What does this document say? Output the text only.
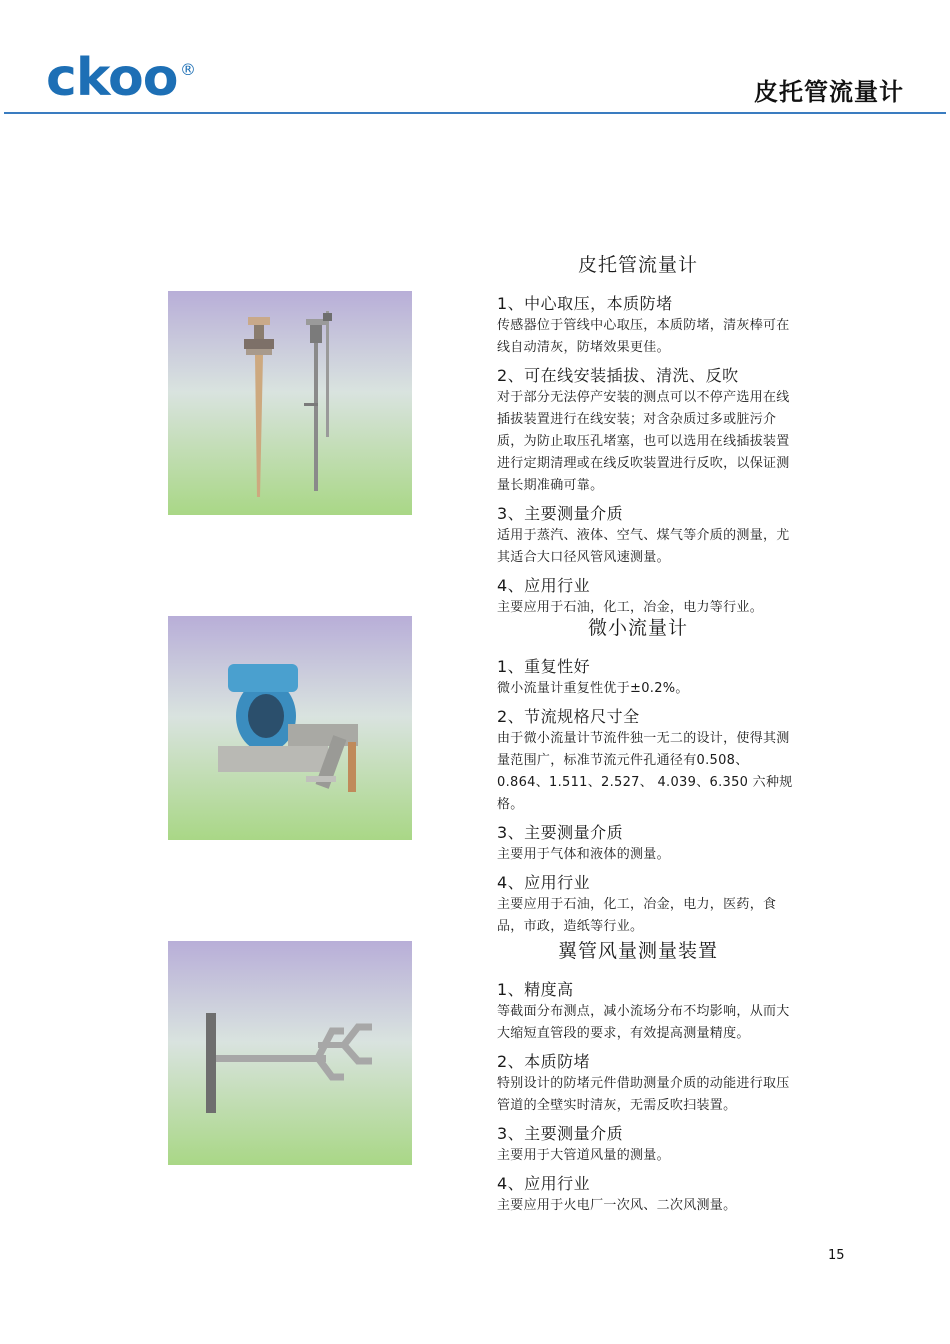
ckoo ®
皮托管流量计
皮托管流量计
1、中心取压，本质防堵
传感器位于管线中心取压，本质防堵，清灰棒可在线自动清灰，防堵效果更佳。
2、可在线安装插拔、清洗、反吹
对于部分无法停产安装的测点可以不停产选用在线插拔装置进行在线安装；对含杂质过多或脏污介质，为防止取压孔堵塞，也可以选用在线插拔装置进行定期清理或在线反吹装置进行反吹，以保证测量长期准确可靠。
3、主要测量介质
适用于蒸汽、液体、空气、煤气等介质的测量，尤其适合大口径风管风速测量。
4、应用行业
主要应用于石油，化工，冶金，电力等行业。
微小流量计
1、重复性好
微小流量计重复性优于±0.2%。
2、节流规格尺寸全
由于微小流量计节流件独一无二的设计，使得其测量范围广，标准节流元件孔通径有0.508、0.864、1.511、2.527、 4.039、6.350 六种规格。
3、主要测量介质
主要用于气体和液体的测量。
4、应用行业
主要应用于石油，化工，冶金，电力，医药，食品，市政，造纸等行业。
翼管风量测量装置
1、精度高
等截面分布测点，减小流场分布不均影响，从而大大缩短直管段的要求，有效提高测量精度。
2、本质防堵
特别设计的防堵元件借助测量介质的动能进行取压管道的全壁实时清灰，无需反吹扫装置。
3、主要测量介质
主要用于大管道风量的测量。
4、应用行业
主要应用于火电厂一次风、二次风测量。
15
